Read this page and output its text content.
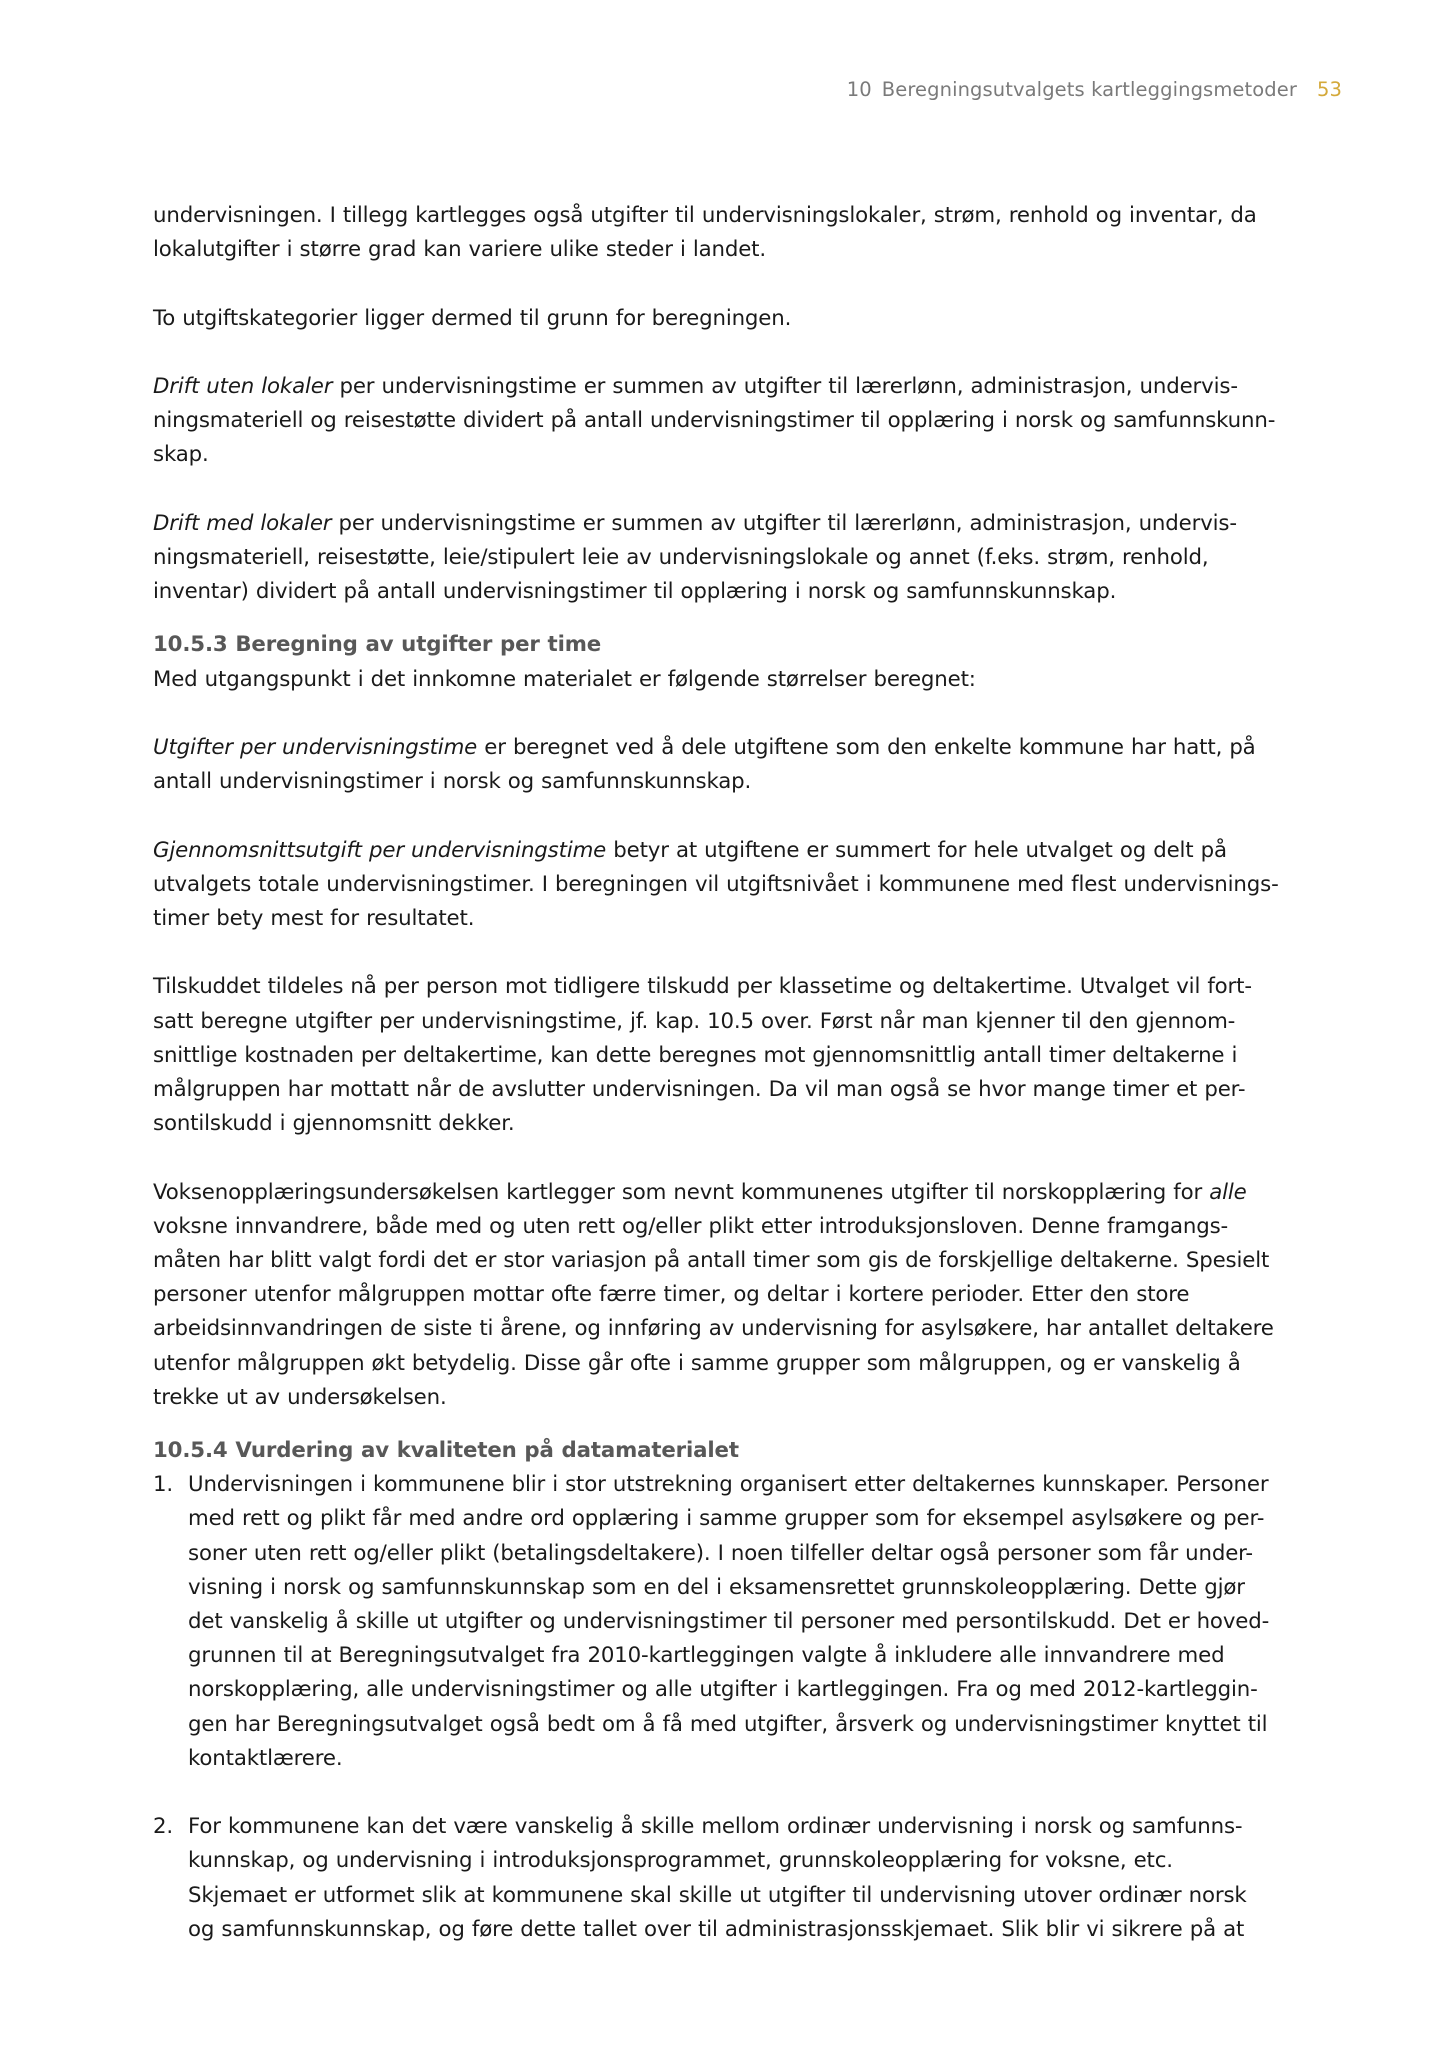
10 Beregningsutvalgets kartleggingsmetoder 53

undervisningen. I tillegg kartlegges også utgifter til undervisningslokaler, strøm, renhold og inventar, da
lokalutgifter i større grad kan variere ulike steder i landet.

To utgiftskategorier ligger dermed til grunn for beregningen.

Drift uten lokaler per undervisningstime er summen av utgifter til lærerlønn, administrasjon, undervis-
ningsmateriell og reisestøtte dividert på antall undervisningstimer til opplæring i norsk og samfunnskunn-
skap.

Drift med lokaler per undervisningstime er summen av utgifter til lærerlønn, administrasjon, undervis-
ningsmateriell, reisestøtte, leie/stipulert leie av undervisningslokale og annet (f.eks. strøm, renhold,
inventar) dividert på antall undervisningstimer til opplæring i norsk og samfunnskunnskap.

10.5.3 Beregning av utgifter per time

Med utgangspunkt i det innkomne materialet er følgende størrelser beregnet:

Utgifter per undervisningstime er beregnet ved å dele utgiftene som den enkelte kommune har hatt, på
antall undervisningstimer i norsk og samfunnskunnskap.

Gjennomsnittsutgift per undervisningstime betyr at utgiftene er summert for hele utvalget og delt på
utvalgets totale undervisningstimer. I beregningen vil utgiftsnivået i kommunene med flest undervisnings-
timer bety mest for resultatet.

Tilskuddet tildeles nå per person mot tidligere tilskudd per klassetime og deltakertime. Utvalget vil fort-
satt beregne utgifter per undervisningstime, jf. kap. 10.5 over. Først når man kjenner til den gjennom-
snittlige kostnaden per deltakertime, kan dette beregnes mot gjennomsnittlig antall timer deltakerne i
målgruppen har mottatt når de avslutter undervisningen. Da vil man også se hvor mange timer et per-
sontilskudd i gjennomsnitt dekker.

Voksenopplæringsundersøkelsen kartlegger som nevnt kommunenes utgifter til norskopplæring for alle
voksne innvandrere, både med og uten rett og/eller plikt etter introduksjonsloven. Denne framgangs-
måten har blitt valgt fordi det er stor variasjon på antall timer som gis de forskjellige deltakerne. Spesielt
personer utenfor målgruppen mottar ofte færre timer, og deltar i kortere perioder. Etter den store
arbeidsinnvandringen de siste ti årene, og innføring av undervisning for asylsøkere, har antallet deltakere
utenfor målgruppen økt betydelig. Disse går ofte i samme grupper som målgruppen, og er vanskelig å
trekke ut av undersøkelsen.

10.5.4 Vurdering av kvaliteten på datamaterialet
1. Undervisningen i kommunene blir i stor utstrekning organisert etter deltakernes kunnskaper. Personer
med rett og plikt får med andre ord opplæring i samme grupper som for eksempel asylsøkere og per-
soner uten rett og/eller plikt (betalingsdeltakere). I noen tilfeller deltar også personer som får under-
visning i norsk og samfunnskunnskap som en del i eksamensrettet grunnskoleopplæring. Dette gjør
det vanskelig å skille ut utgifter og undervisningstimer til personer med persontilskudd. Det er hoved-
grunnen til at Beregningsutvalget fra 2010-kartleggingen valgte å inkludere alle innvandrere med
norskopplæring, alle undervisningstimer og alle utgifter i kartleggingen. Fra og med 2012-kartleggin-
gen har Beregningsutvalget også bedt om å få med utgifter, årsverk og undervisningstimer knyttet til
kontaktlærere.
2. For kommunene kan det være vanskelig å skille mellom ordinær undervisning i norsk og samfunns-
kunnskap, og undervisning i introduksjonsprogrammet, grunnskoleopplæring for voksne, etc.
Skjemaet er utformet slik at kommunene skal skille ut utgifter til undervisning utover ordinær norsk
og samfunnskunnskap, og føre dette tallet over til administrasjonsskjemaet. Slik blir vi sikrere på at
